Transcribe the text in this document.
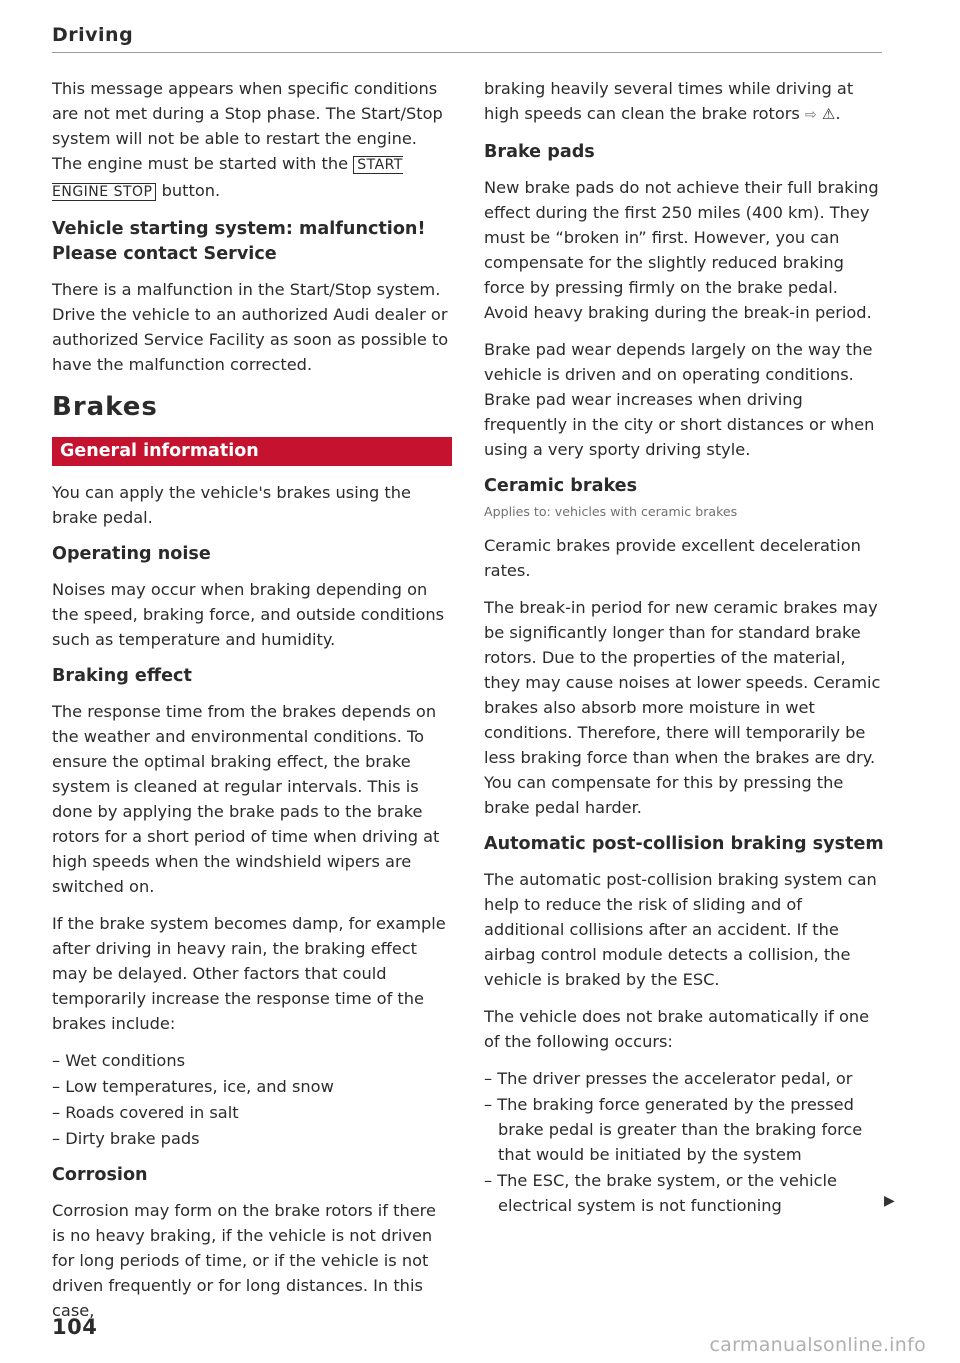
Driving

This message appears when specific conditions are not met during a Stop phase. The Start/Stop system will not be able to restart the engine. The engine must be started with the START ENGINE STOP button.

Vehicle starting system: malfunction! Please contact Service

There is a malfunction in the Start/Stop system. Drive the vehicle to an authorized Audi dealer or authorized Service Facility as soon as possible to have the malfunction corrected.

Brakes
General information

You can apply the vehicle's brakes using the brake pedal.

Operating noise

Noises may occur when braking depending on the speed, braking force, and outside conditions such as temperature and humidity.

Braking effect

The response time from the brakes depends on the weather and environmental conditions. To ensure the optimal braking effect, the brake system is cleaned at regular intervals. This is done by applying the brake pads to the brake rotors for a short period of time when driving at high speeds when the windshield wipers are switched on.

If the brake system becomes damp, for example after driving in heavy rain, the braking effect may be delayed. Other factors that could temporarily increase the response time of the brakes include:

– Wet conditions
– Low temperatures, ice, and snow
– Roads covered in salt
– Dirty brake pads
Corrosion

Corrosion may form on the brake rotors if there is no heavy braking, if the vehicle is not driven for long periods of time, or if the vehicle is not driven frequently or for long distances. In this case,

braking heavily several times while driving at high speeds can clean the brake rotors ⇨ ⚠.

Brake pads

New brake pads do not achieve their full braking effect during the first 250 miles (400 km). They must be “broken in” first. However, you can compensate for the slightly reduced braking force by pressing firmly on the brake pedal. Avoid heavy braking during the break-in period.

Brake pad wear depends largely on the way the vehicle is driven and on operating conditions. Brake pad wear increases when driving frequently in the city or short distances or when using a very sporty driving style.

Ceramic brakes
Applies to: vehicles with ceramic brakes

Ceramic brakes provide excellent deceleration rates.

The break-in period for new ceramic brakes may be significantly longer than for standard brake rotors. Due to the properties of the material, they may cause noises at lower speeds. Ceramic brakes also absorb more moisture in wet conditions. Therefore, there will temporarily be less braking force than when the brakes are dry. You can compensate for this by pressing the brake pedal harder.

Automatic post-collision braking system

The automatic post-collision braking system can help to reduce the risk of sliding and of additional collisions after an accident. If the airbag control module detects a collision, the vehicle is braked by the ESC.

The vehicle does not brake automatically if one of the following occurs:

– The driver presses the accelerator pedal, or
– The braking force generated by the pressed brake pedal is greater than the braking force that would be initiated by the system
– The ESC, the brake system, or the vehicle electrical system is not functioning	▶
104
carmanualsonline.info
